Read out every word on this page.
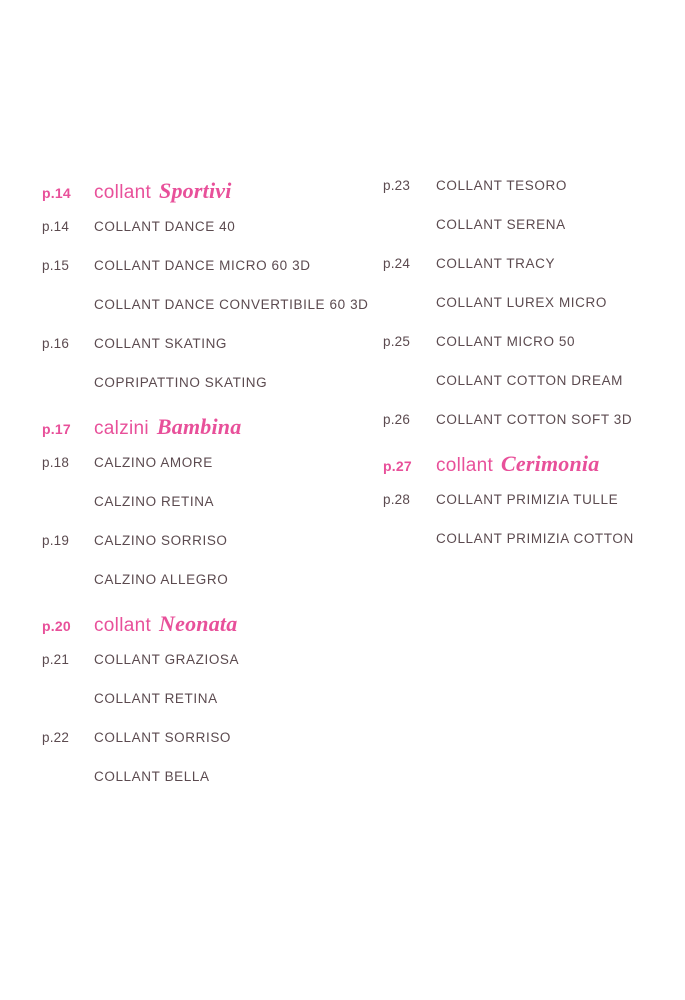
p.14	collant Sportivi
p.14	COLLANT DANCE 40
p.15	COLLANT DANCE MICRO 60 3D
COLLANT DANCE CONVERTIBILE 60 3D
p.16	COLLANT SKATING
COPRIPATTINO SKATING
p.17	calzini Bambina
p.18	CALZINO AMORE
CALZINO RETINA
p.19	CALZINO SORRISO
CALZINO ALLEGRO
p.20	collant Neonata
p.21	COLLANT GRAZIOSA
COLLANT RETINA
p.22	COLLANT SORRISO
COLLANT BELLA
p.23	COLLANT TESORO
COLLANT SERENA
p.24	COLLANT TRACY
COLLANT LUREX MICRO
p.25	COLLANT MICRO 50
COLLANT COTTON DREAM
p.26	COLLANT COTTON SOFT 3D
p.27	collant Cerimonia
p.28	COLLANT PRIMIZIA TULLE
COLLANT PRIMIZIA COTTON
